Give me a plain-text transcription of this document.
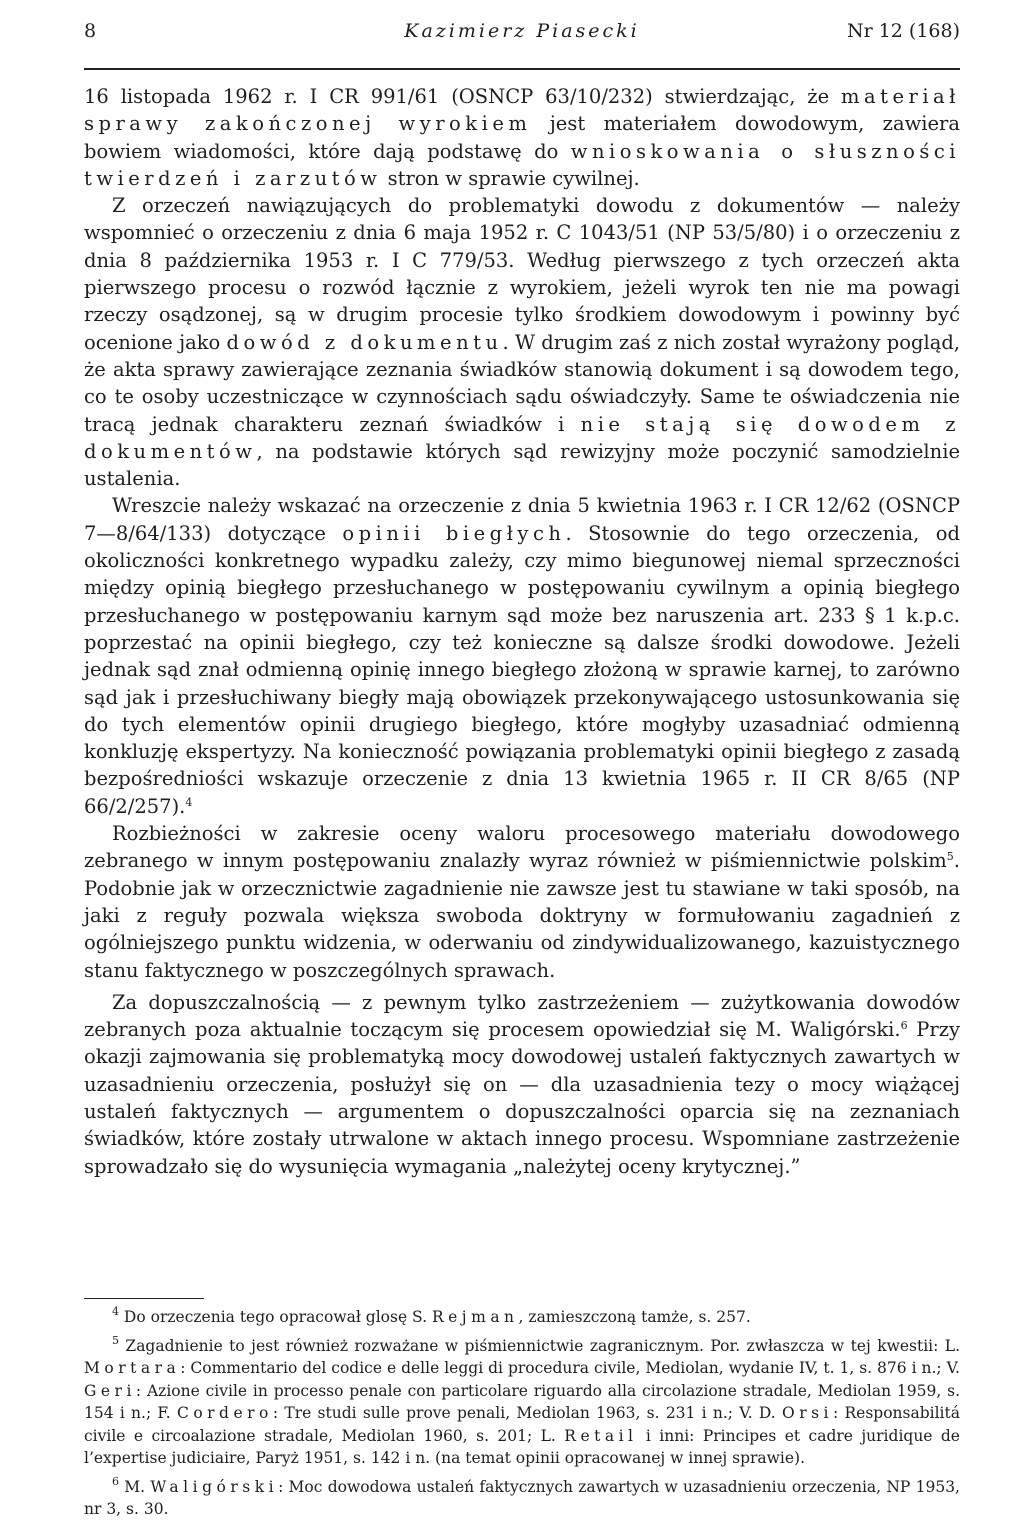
8	Kazimierz Piasecki	Nr 12 (168)

16 listopada 1962 r. I CR 991/61 (OSNCP 63/10/232) stwierdzając, że materiał sprawy zakończonej wyrokiem jest materiałem dowodowym, zawiera bowiem wiadomości, które dają podstawę do wnioskowania o słuszności twierdzeń i zarzutów stron w sprawie cywilnej.

Z orzeczeń nawiązujących do problematyki dowodu z dokumentów — należy wspomnieć o orzeczeniu z dnia 6 maja 1952 r. C 1043/51 (NP 53/5/80) i o orzeczeniu z dnia 8 października 1953 r. I C 779/53. Według pierwszego z tych orzeczeń akta pierwszego procesu o rozwód łącznie z wyrokiem, jeżeli wyrok ten nie ma powagi rzeczy osądzonej, są w drugim procesie tylko środkiem dowodowym i powinny być ocenione jako dowód z dokumentu. W drugim zaś z nich został wyrażony pogląd, że akta sprawy zawierające zeznania świadków stanowią dokument i są dowodem tego, co te osoby uczestniczące w czynnościach sądu oświadczyły. Same te oświadczenia nie tracą jednak charakteru zeznań świadków i nie stają się dowodem z dokumentów, na podstawie których sąd rewizyjny może poczynić samodzielnie ustalenia.

Wreszcie należy wskazać na orzeczenie z dnia 5 kwietnia 1963 r. I CR 12/62 (OSNCP 7—8/64/133) dotyczące opinii biegłych. Stosownie do tego orzeczenia, od okoliczności konkretnego wypadku zależy, czy mimo biegunowej niemal sprzeczności między opinią biegłego przesłuchanego w postępowaniu cywilnym a opinią biegłego przesłuchanego w postępowaniu karnym sąd może bez naruszenia art. 233 § 1 k.p.c. poprzestać na opinii biegłego, czy też konieczne są dalsze środki dowodowe. Jeżeli jednak sąd znał odmienną opinię innego biegłego złożoną w sprawie karnej, to zarówno sąd jak i przesłuchiwany biegły mają obowiązek przekonywającego ustosunkowania się do tych elementów opinii drugiego biegłego, które mogłyby uzasadniać odmienną konkluzję ekspertyzy. Na konieczność powiązania problematyki opinii biegłego z zasadą bezpośredniości wskazuje orzeczenie z dnia 13 kwietnia 1965 r. II CR 8/65 (NP 66/2/257).$^4$

Rozbieżności w zakresie oceny waloru procesowego materiału dowodowego zebranego w innym postępowaniu znalazły wyraz również w piśmiennictwie polskim$^5$. Podobnie jak w orzecznictwie zagadnienie nie zawsze jest tu stawiane w taki sposób, na jaki z reguły pozwala większa swoboda doktryny w formułowaniu zagadnień z ogólniejszego punktu widzenia, w oderwaniu od zindywidualizowanego, kazuistycznego stanu faktycznego w poszczególnych sprawach.

Za dopuszczalnością — z pewnym tylko zastrzeżeniem — zużytkowania dowodów zebranych poza aktualnie toczącym się procesem opowiedział się M. Waligórski.$^6$ Przy okazji zajmowania się problematyką mocy dowodowej ustaleń faktycznych zawartych w uzasadnieniu orzeczenia, posłużył się on — dla uzasadnienia tezy o mocy wiążącej ustaleń faktycznych — argumentem o dopuszczalności oparcia się na zeznaniach świadków, które zostały utrwalone w aktach innego procesu. Wspomniane zastrzeżenie sprowadzało się do wysunięcia wymagania „należytej oceny krytycznej.”

$^4$ Do orzeczenia tego opracował glosę S. Rejman, zamieszczoną tamże, s. 257.

$^5$ Zagadnienie to jest również rozważane w piśmiennictwie zagranicznym. Por. zwłaszcza w tej kwestii: L. Mortara: Commentario del codice e delle leggi di procedura civile, Mediolan, wydanie IV, t. 1, s. 876 i n.; V. Geri: Azione civile in processo penale con particolare riguardo alla circolazione stradale, Mediolan 1959, s. 154 i n.; F. Cordero: Tre studi sulle prove penali, Mediolan 1963, s. 231 i n.; V. D. Orsi: Responsabilitá civile e circoalazione stradale, Mediolan 1960, s. 201; L. Retail i inni: Principes et cadre juridique de l’expertise judiciaire, Paryż 1951, s. 142 i n. (na temat opinii opracowanej w innej sprawie).

$^6$ M. Waligórski: Moc dowodowa ustaleń faktycznych zawartych w uzasadnieniu orzeczenia, NP 1953, nr 3, s. 30.
